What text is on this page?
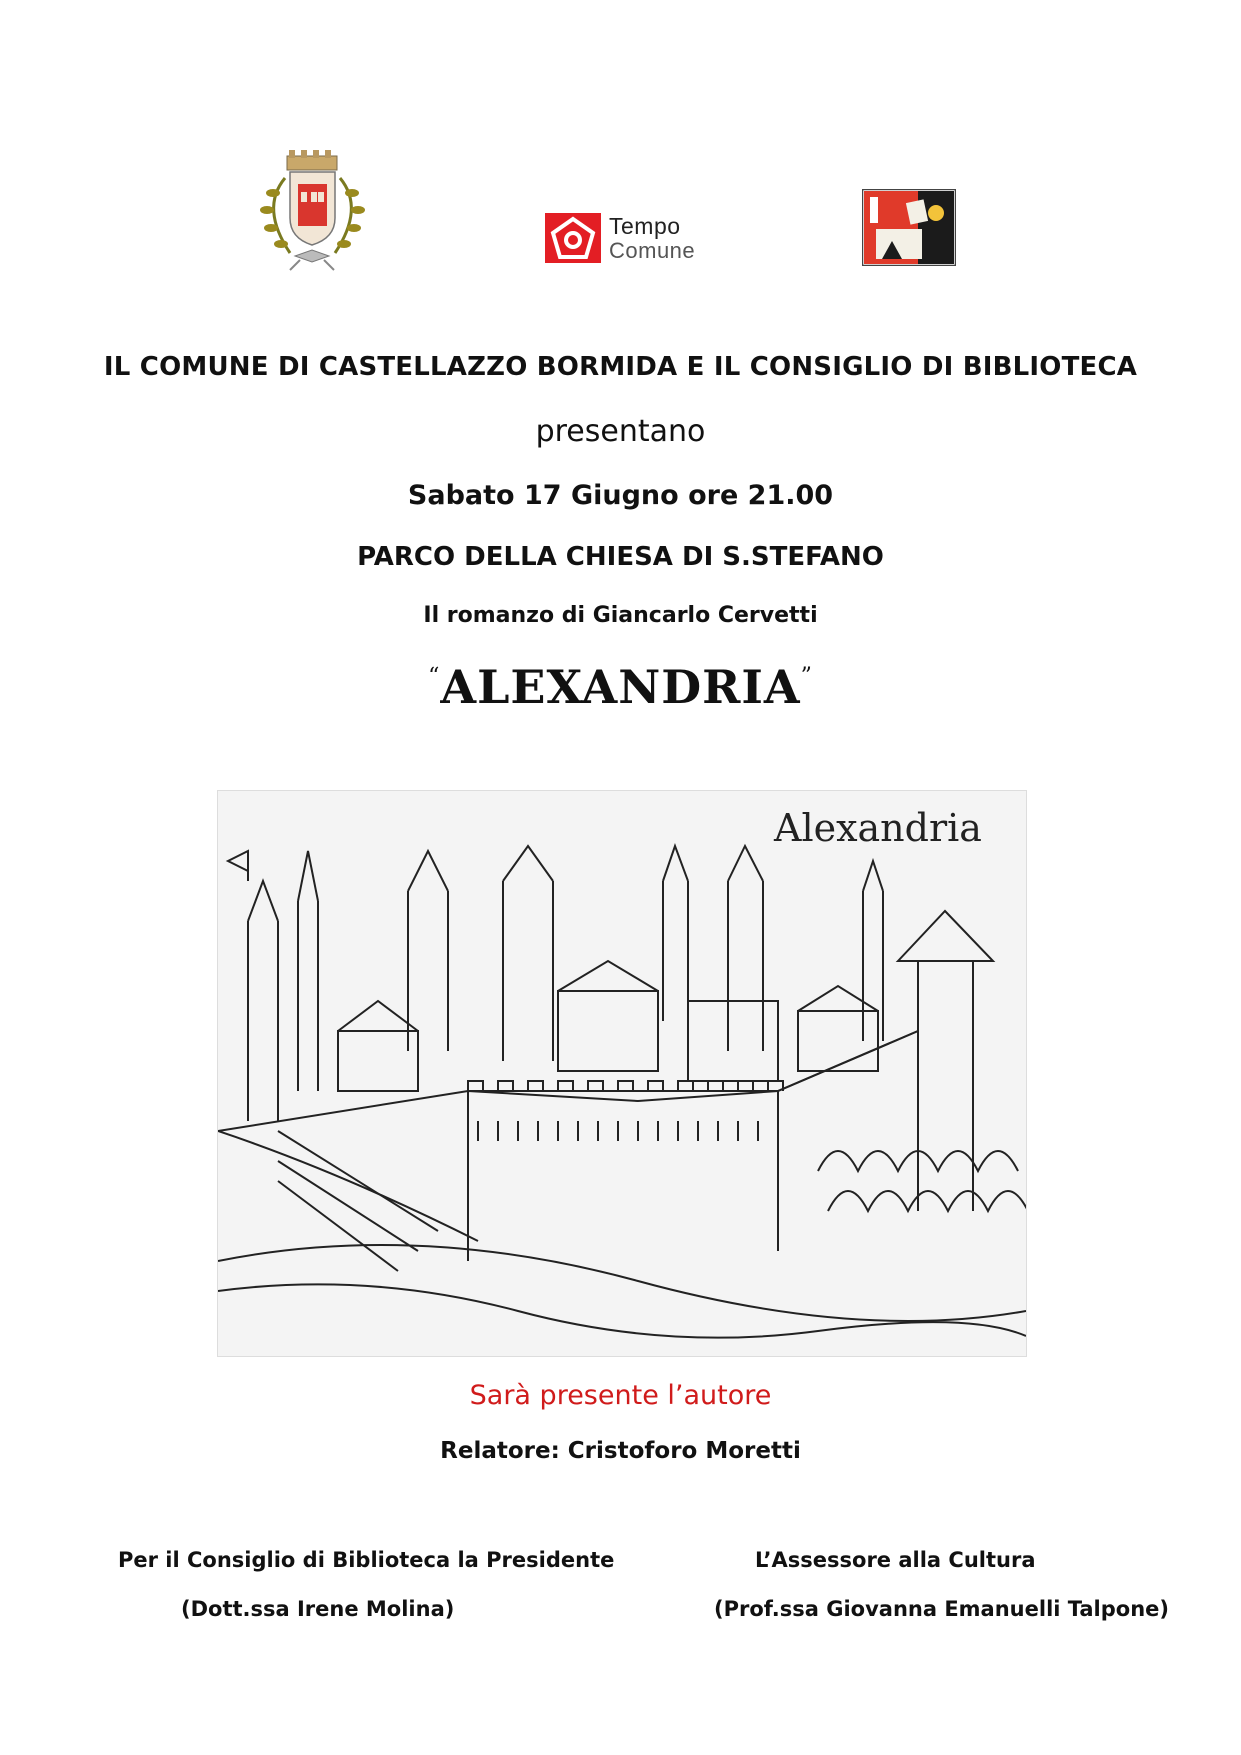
Tempo
Comune
IL COMUNE DI CASTELLAZZO BORMIDA E IL CONSIGLIO DI BIBLIOTECA
presentano
Sabato 17 Giugno ore 21.00
PARCO DELLA CHIESA DI S.STEFANO
Il romanzo di Giancarlo Cervetti
“ALEXANDRIA”
Alexandria
Sarà presente l’autore
Relatore: Cristoforo Moretti
Per il Consiglio di Biblioteca la Presidente
(Dott.ssa Irene Molina)
L’Assessore alla Cultura
(Prof.ssa Giovanna Emanuelli Talpone)
